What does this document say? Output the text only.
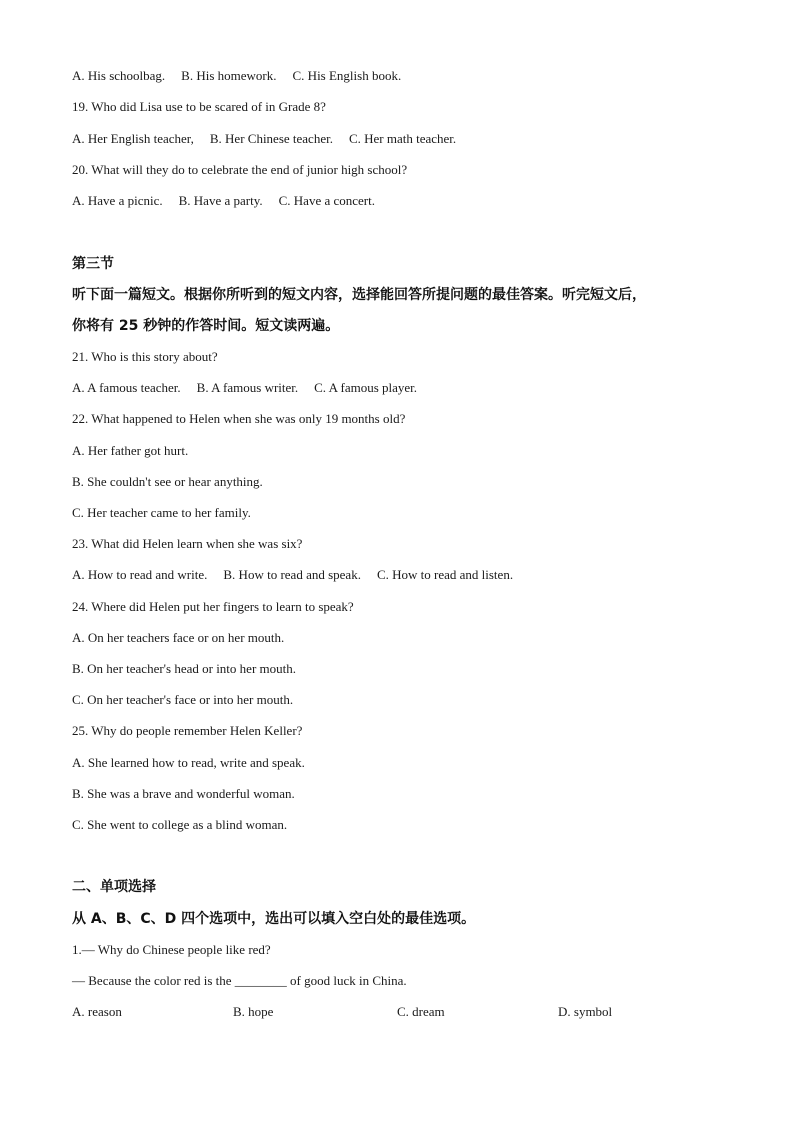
A. His schoolbag. B. His homework. C. His English book.
19. Who did Lisa use to be scared of in Grade 8?
A. Her English teacher, B. Her Chinese teacher. C. Her math teacher.
20. What will they do to celebrate the end of junior high school?
A. Have a picnic. B. Have a party. C. Have a concert.
第三节
听下面一篇短文。根据你所听到的短文内容，选择能回答所提问题的最佳答案。听完短文后，
你将有 25 秒钟的作答时间。短文读两遍。
21. Who is this story about?
A. A famous teacher. B. A famous writer. C. A famous player.
22. What happened to Helen when she was only 19 months old?
A. Her father got hurt.
B. She couldn't see or hear anything.
C. Her teacher came to her family.
23. What did Helen learn when she was six?
A. How to read and write. B. How to read and speak. C. How to read and listen.
24. Where did Helen put her fingers to learn to speak?
A. On her teachers face or on her mouth.
B. On her teacher's head or into her mouth.
C. On her teacher's face or into her mouth.
25. Why do people remember Helen Keller?
A. She learned how to read, write and speak.
B. She was a brave and wonderful woman.
C. She went to college as a blind woman.
二、单项选择
从 A、B、C、D 四个选项中，选出可以填入空白处的最佳选项。
1.— Why do Chinese people like red?
— Because the color red is the ________ of good luck in China.
A. reason	B. hope	C. dream	D. symbol
